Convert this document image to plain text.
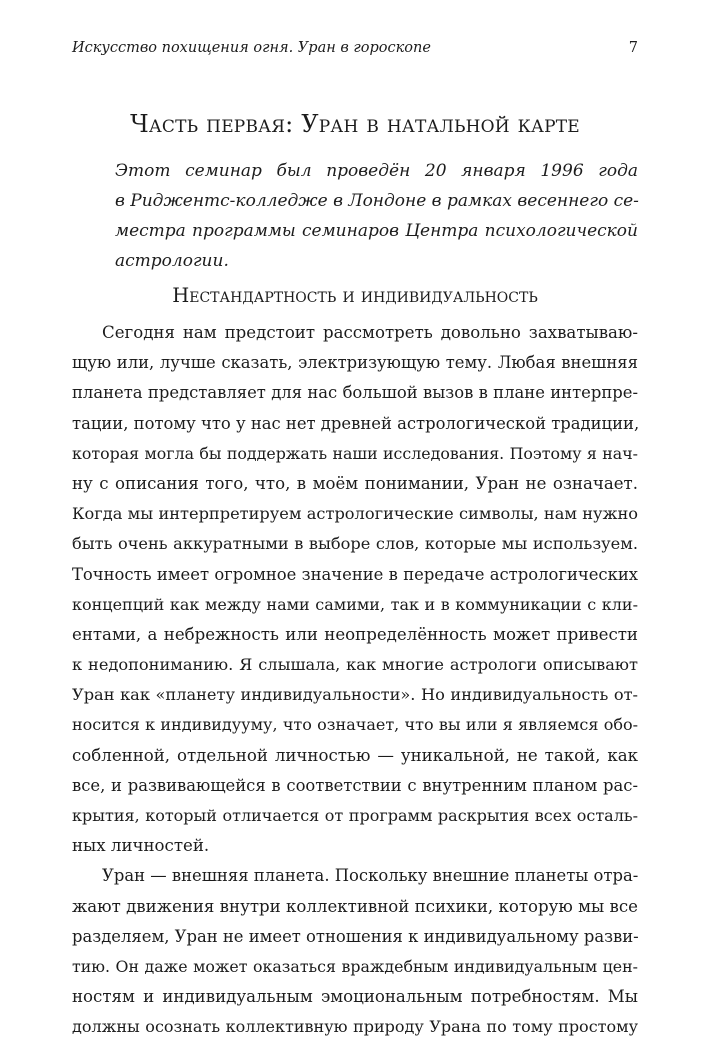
Искусство похищения огня. Уран в гороскопе	7
Часть первая: Уран в натальной карте
Этот семинар был проведён 20 января 1996 года
в Риджентс-колледже в Лондоне в рамках весеннего се-
местра программы семинаров Центра психологической
астрологии.
Нестандартность и индивидуальность
Сегодня нам предстоит рассмотреть довольно захватываю-
щую или, лучше сказать, электризующую тему. Любая внешняя
планета представляет для нас большой вызов в плане интерпре-
тации, потому что у нас нет древней астрологической традиции,
которая могла бы поддержать наши исследования. Поэтому я нач-
ну с описания того, что, в моём понимании, Уран не означает.
Когда мы интерпретируем астрологические символы, нам нужно
быть очень аккуратными в выборе слов, которые мы используем.
Точность имеет огромное значение в передаче астрологических
концепций как между нами самими, так и в коммуникации с кли-
ентами, а небрежность или неопределённость может привести
к недопониманию. Я слышала, как многие астрологи описывают
Уран как «планету индивидуальности». Но индивидуальность от-
носится к индивидууму, что означает, что вы или я являемся обо-
собленной, отдельной личностью — уникальной, не такой, как
все, и развивающейся в соответствии с внутренним планом рас-
крытия, который отличается от программ раскрытия всех осталь-
ных личностей.
Уран — внешняя планета. Поскольку внешние планеты отра-
жают движения внутри коллективной психики, которую мы все
разделяем, Уран не имеет отношения к индивидуальному разви-
тию. Он даже может оказаться враждебным индивидуальным цен-
ностям и индивидуальным эмоциональным потребностям. Мы
должны осознать коллективную природу Урана по тому простому
